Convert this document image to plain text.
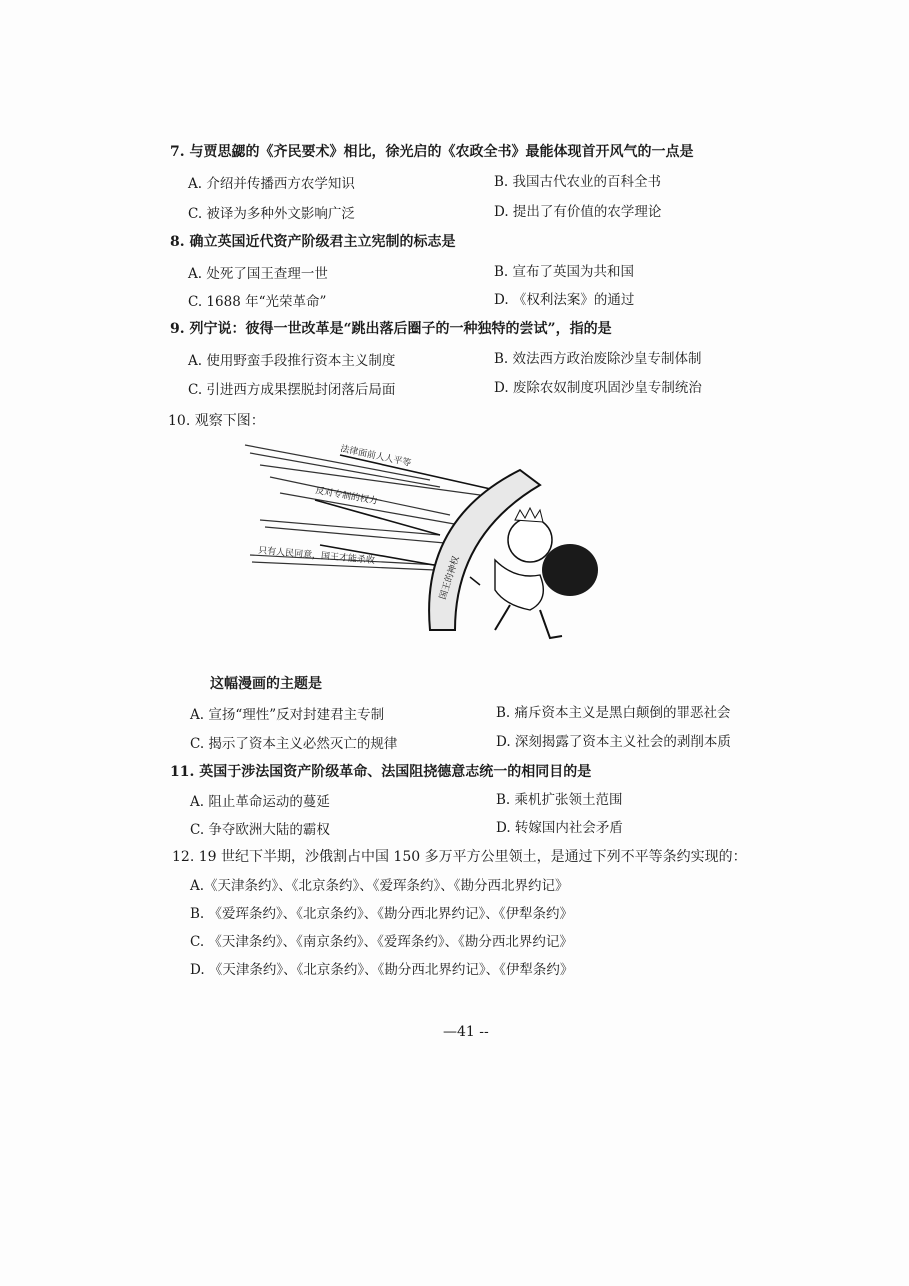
7. 与贾思勰的《齐民要术》相比，徐光启的《农政全书》最能体现首开风气的一点是
A. 介绍并传播西方农学知识	B. 我国古代农业的百科全书
C. 被译为多种外文影响广泛	D. 提出了有价值的农学理论
8. 确立英国近代资产阶级君主立宪制的标志是
A. 处死了国王查理一世	B. 宣布了英国为共和国
C. 1688 年“光荣革命”	D. 《权利法案》的通过
9. 列宁说：彼得一世改革是“跳出落后圈子的一种独特的尝试”，指的是
A. 使用野蛮手段推行资本主义制度	B. 效法西方政治废除沙皇专制体制
C. 引进西方成果摆脱封闭落后局面	D. 废除农奴制度巩固沙皇专制统治
10. 观察下图：
法律面前人人平等
反对专制的权力
只有人民同意，国王才能杀收	国王的神权
这幅漫画的主题是
A. 宣扬“理性”反对封建君主专制	B. 痛斥资本主义是黑白颠倒的罪恶社会
C. 揭示了资本主义必然灭亡的规律	D. 深刻揭露了资本主义社会的剥削本质
11. 英国于涉法国资产阶级革命、法国阻挠德意志统一的相同目的是
A. 阻止革命运动的蔓延	B. 乘机扩张领土范围
C. 争夺欧洲大陆的霸权	D. 转嫁国内社会矛盾
12. 19 世纪下半期，沙俄割占中国 150 多万平方公里领土，是通过下列不平等条约实现的：
A.《天津条约》、《北京条约》、《爱珲条约》、《勘分西北界约记》
B. 《爱珲条约》、《北京条约》、《勘分西北界约记》、《伊犁条约》
C. 《天津条约》、《南京条约》、《爱珲条约》、《勘分西北界约记》
D. 《天津条约》、《北京条约》、《勘分西北界约记》、《伊犁条约》
—41 --
